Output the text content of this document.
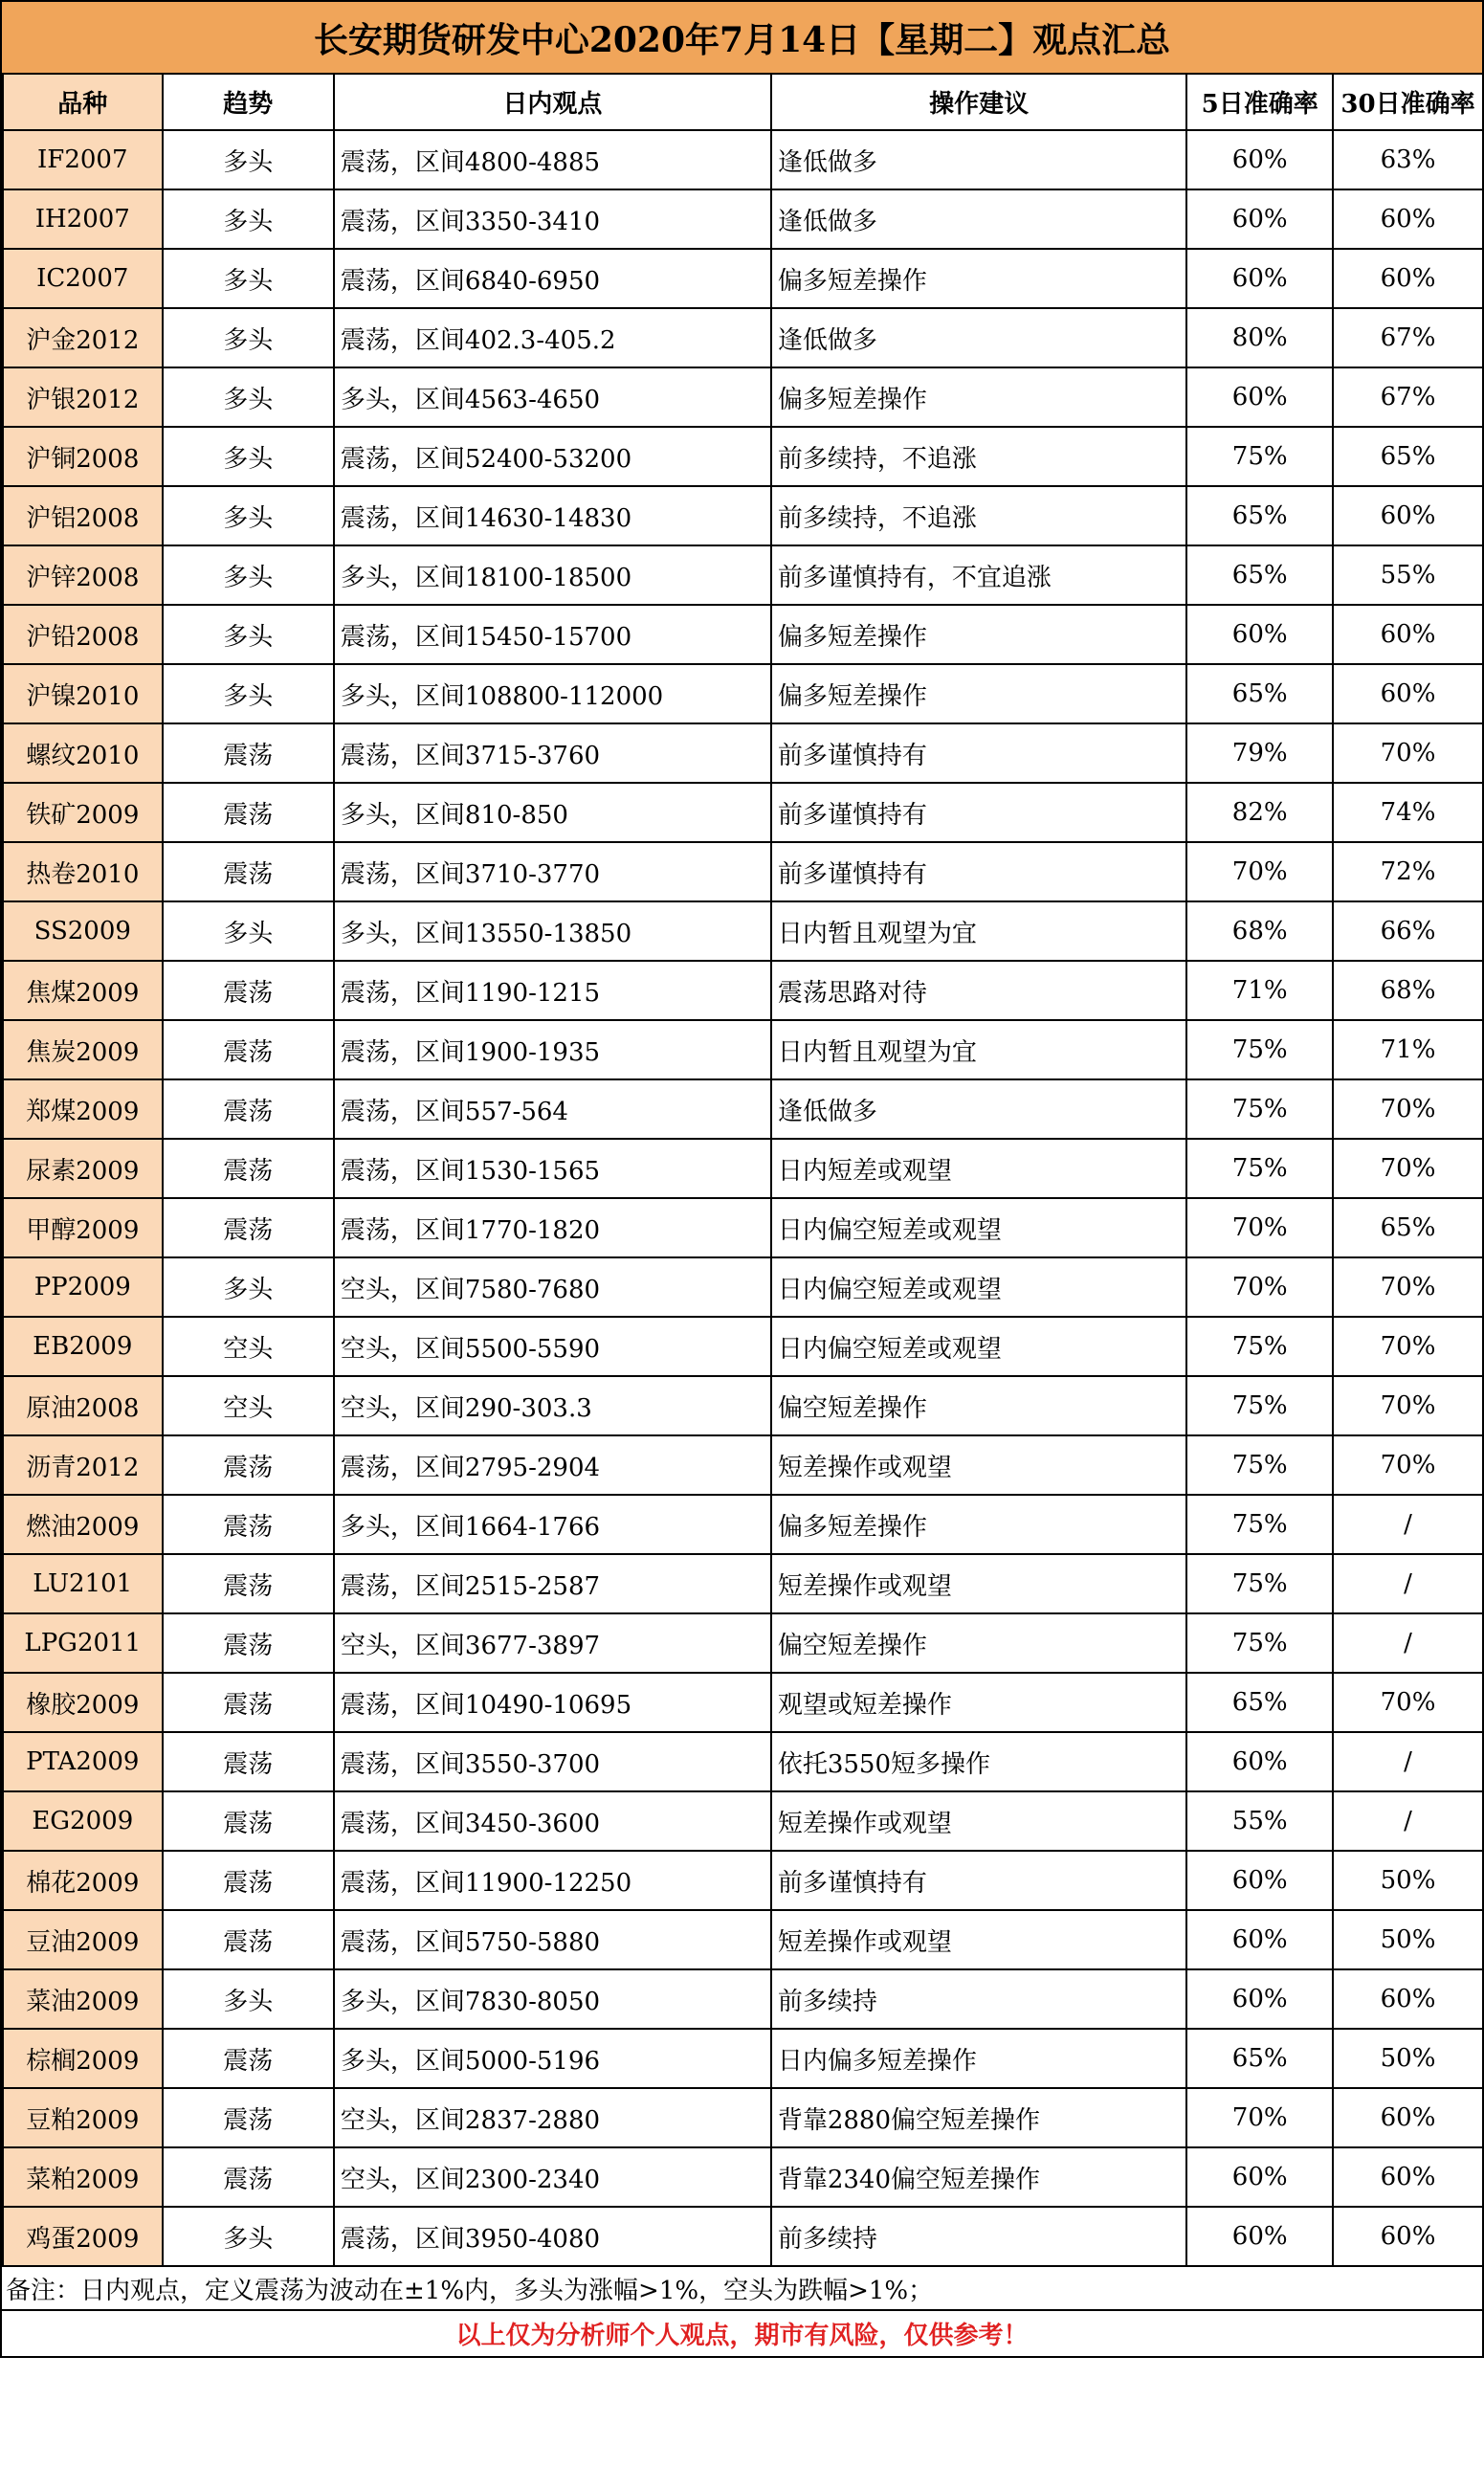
长安期货研发中心2020年7月14日【星期二】观点汇总
品种	趋势	日内观点	操作建议	5日准确率	30日准确率
IF2007	多头	震荡，区间4800-4885	逢低做多	60%	63%
IH2007	多头	震荡，区间3350-3410	逢低做多	60%	60%
IC2007	多头	震荡，区间6840-6950	偏多短差操作	60%	60%
沪金2012	多头	震荡，区间402.3-405.2	逢低做多	80%	67%
沪银2012	多头	多头，区间4563-4650	偏多短差操作	60%	67%
沪铜2008	多头	震荡，区间52400-53200	前多续持，不追涨	75%	65%
沪铝2008	多头	震荡，区间14630-14830	前多续持，不追涨	65%	60%
沪锌2008	多头	多头，区间18100-18500	前多谨慎持有，不宜追涨	65%	55%
沪铅2008	多头	震荡，区间15450-15700	偏多短差操作	60%	60%
沪镍2010	多头	多头，区间108800-112000	偏多短差操作	65%	60%
螺纹2010	震荡	震荡，区间3715-3760	前多谨慎持有	79%	70%
铁矿2009	震荡	多头，区间810-850	前多谨慎持有	82%	74%
热卷2010	震荡	震荡，区间3710-3770	前多谨慎持有	70%	72%
SS2009	多头	多头，区间13550-13850	日内暂且观望为宜	68%	66%
焦煤2009	震荡	震荡，区间1190-1215	震荡思路对待	71%	68%
焦炭2009	震荡	震荡，区间1900-1935	日内暂且观望为宜	75%	71%
郑煤2009	震荡	震荡，区间557-564	逢低做多	75%	70%
尿素2009	震荡	震荡，区间1530-1565	日内短差或观望	75%	70%
甲醇2009	震荡	震荡，区间1770-1820	日内偏空短差或观望	70%	65%
PP2009	多头	空头，区间7580-7680	日内偏空短差或观望	70%	70%
EB2009	空头	空头，区间5500-5590	日内偏空短差或观望	75%	70%
原油2008	空头	空头，区间290-303.3	偏空短差操作	75%	70%
沥青2012	震荡	震荡，区间2795-2904	短差操作或观望	75%	70%
燃油2009	震荡	多头，区间1664-1766	偏多短差操作	75%	/
LU2101	震荡	震荡，区间2515-2587	短差操作或观望	75%	/
LPG2011	震荡	空头，区间3677-3897	偏空短差操作	75%	/
橡胶2009	震荡	震荡，区间10490-10695	观望或短差操作	65%	70%
PTA2009	震荡	震荡，区间3550-3700	依托3550短多操作	60%	/
EG2009	震荡	震荡，区间3450-3600	短差操作或观望	55%	/
棉花2009	震荡	震荡，区间11900-12250	前多谨慎持有	60%	50%
豆油2009	震荡	震荡，区间5750-5880	短差操作或观望	60%	50%
菜油2009	多头	多头，区间7830-8050	前多续持	60%	60%
棕榈2009	震荡	多头，区间5000-5196	日内偏多短差操作	65%	50%
豆粕2009	震荡	空头，区间2837-2880	背靠2880偏空短差操作	70%	60%
菜粕2009	震荡	空头，区间2300-2340	背靠2340偏空短差操作	60%	60%
鸡蛋2009	多头	震荡，区间3950-4080	前多续持	60%	60%
备注：日内观点，定义震荡为波动在±1%内，多头为涨幅>1%，空头为跌幅>1%；
以上仅为分析师个人观点，期市有风险，仅供参考！
